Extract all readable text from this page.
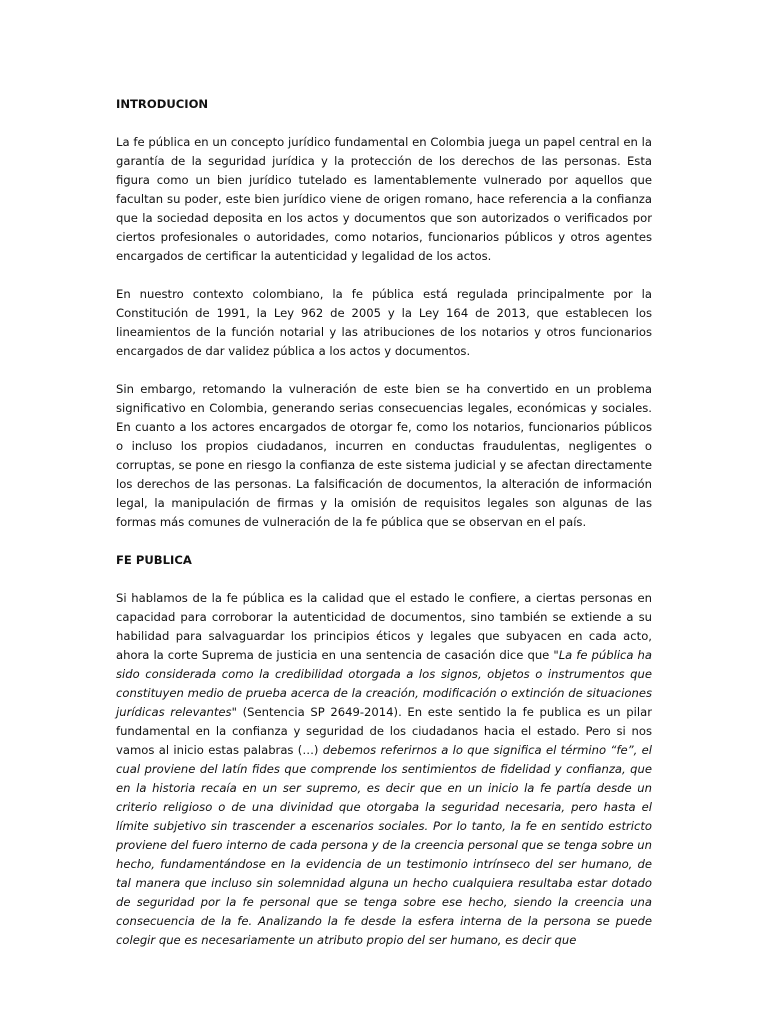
INTRODUCION

La fe pública en un concepto jurídico fundamental en Colombia juega un papel central en la garantía de la seguridad jurídica y la protección de los derechos de las personas. Esta figura como un bien jurídico tutelado es lamentablemente vulnerado por aquellos que facultan su poder, este bien jurídico viene de origen romano, hace referencia a la confianza que la sociedad deposita en los actos y documentos que son autorizados o verificados por ciertos profesionales o autoridades, como notarios, funcionarios públicos y otros agentes encargados de certificar la autenticidad y legalidad de los actos.

En nuestro contexto colombiano, la fe pública está regulada principalmente por la Constitución de 1991, la Ley 962 de 2005 y la Ley 164 de 2013, que establecen los lineamientos de la función notarial y las atribuciones de los notarios y otros funcionarios encargados de dar validez pública a los actos y documentos.

Sin embargo, retomando la vulneración de este bien se ha convertido en un problema significativo en Colombia, generando serias consecuencias legales, económicas y sociales. En cuanto a los actores encargados de otorgar fe, como los notarios, funcionarios públicos o incluso los propios ciudadanos, incurren en conductas fraudulentas, negligentes o corruptas, se pone en riesgo la confianza de este sistema judicial y se afectan directamente los derechos de las personas. La falsificación de documentos, la alteración de información legal, la manipulación de firmas y la omisión de requisitos legales son algunas de las formas más comunes de vulneración de la fe pública que se observan en el país.

FE PUBLICA

Si hablamos de la fe pública es la calidad que el estado le confiere, a ciertas personas en capacidad para corroborar la autenticidad de documentos, sino también se extiende a su habilidad para salvaguardar los principios éticos y legales que subyacen en cada acto, ahora la corte Suprema de justicia en una sentencia de casación dice que "La fe pública ha sido considerada como la credibilidad otorgada a los signos, objetos o instrumentos que constituyen medio de prueba acerca de la creación, modificación o extinción de situaciones jurídicas relevantes" (Sentencia SP 2649-2014). En este sentido la fe publica es un pilar fundamental en la confianza y seguridad de los ciudadanos hacia el estado. Pero si nos vamos al inicio estas palabras (…) debemos referirnos a lo que significa el término “fe”, el cual proviene del latín fides que comprende los sentimientos de fidelidad y confianza, que en la historia recaía en un ser supremo, es decir que en un inicio la fe partía desde un criterio religioso o de una divinidad que otorgaba la seguridad necesaria, pero hasta el límite subjetivo sin trascender a escenarios sociales. Por lo tanto, la fe en sentido estricto proviene del fuero interno de cada persona y de la creencia personal que se tenga sobre un hecho, fundamentándose en la evidencia de un testimonio intrínseco del ser humano, de tal manera que incluso sin solemnidad alguna un hecho cualquiera resultaba estar dotado de seguridad por la fe personal que se tenga sobre ese hecho, siendo la creencia una consecuencia de la fe. Analizando la fe desde la esfera interna de la persona se puede colegir que es necesariamente un atributo propio del ser humano, es decir que
